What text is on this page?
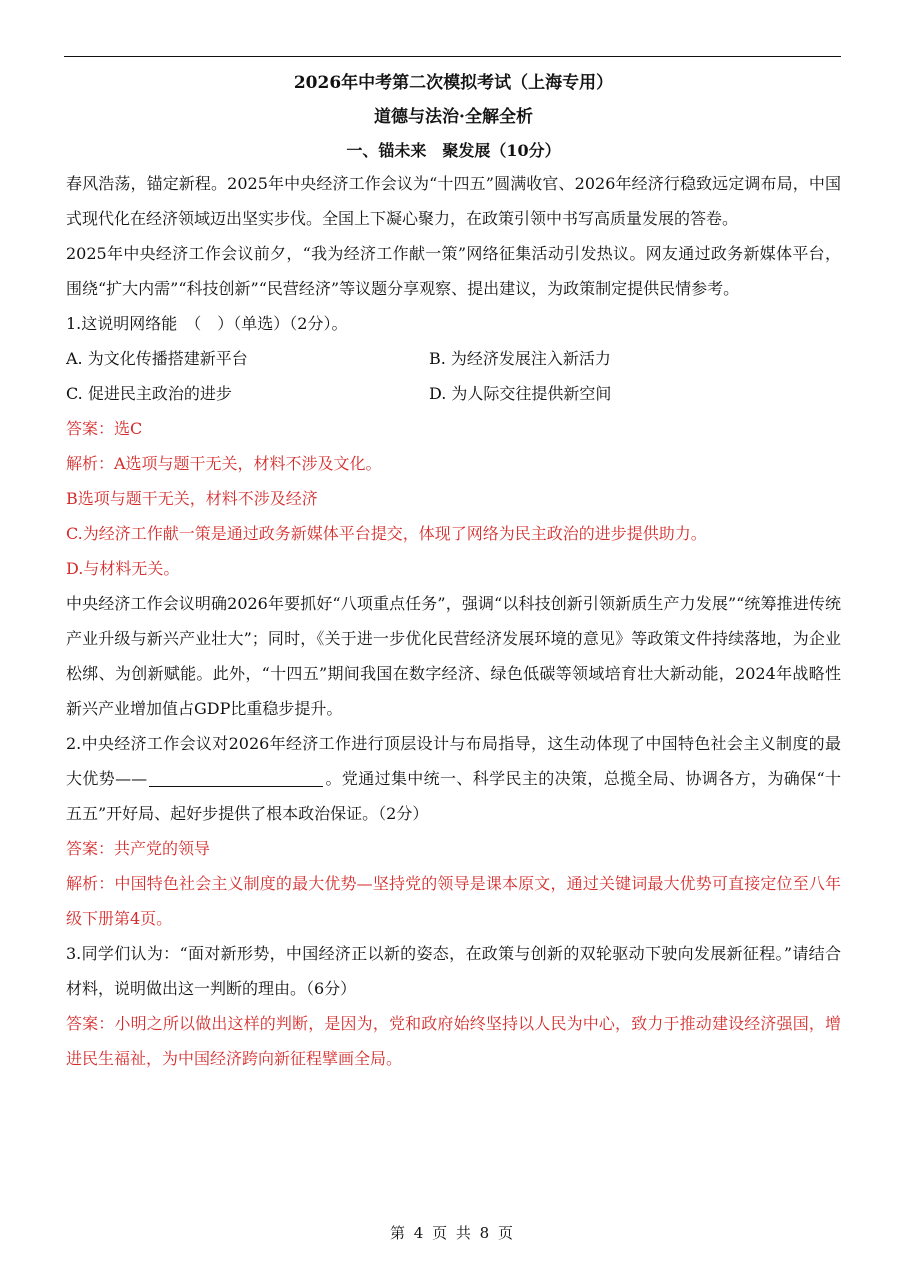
2026年中考第二次模拟考试（上海专用）
道德与法治·全解全析
一、锚未来　聚发展（10分）

春风浩荡，锚定新程。2025年中央经济工作会议为“十四五”圆满收官、2026年经济行稳致远定调布局，中国式现代化在经济领域迈出坚实步伐。全国上下凝心聚力，在政策引领中书写高质量发展的答卷。

2025年中央经济工作会议前夕，“我为经济工作献一策”网络征集活动引发热议。网友通过政务新媒体平台，围绕“扩大内需”“科技创新”“民营经济”等议题分享观察、提出建议，为政策制定提供民情参考。

1.这说明网络能　（　）（单选）（2分）。

A. 为文化传播搭建新平台	B. 为经济发展注入新活力
C. 促进民主政治的进步	D. 为人际交往提供新空间

答案：选C

解析：A选项与题干无关，材料不涉及文化。

B选项与题干无关，材料不涉及经济

C.为经济工作献一策是通过政务新媒体平台提交，体现了网络为民主政治的进步提供助力。

D.与材料无关。

中央经济工作会议明确2026年要抓好“八项重点任务”，强调“以科技创新引领新质生产力发展”“统筹推进传统产业升级与新兴产业壮大”；同时，《关于进一步优化民营经济发展环境的意见》等政策文件持续落地，为企业松绑、为创新赋能。此外，“十四五”期间我国在数字经济、绿色低碳等领域培育壮大新动能，2024年战略性新兴产业增加值占GDP比重稳步提升。

2.中央经济工作会议对2026年经济工作进行顶层设计与布局指导，这生动体现了中国特色社会主义制度的最大优势——	。党通过集中统一、科学民主的决策，总揽全局、协调各方，为确保“十五五”开好局、起好步提供了根本政治保证。（2分）

答案：共产党的领导

解析：中国特色社会主义制度的最大优势—坚持党的领导是课本原文，通过关键词最大优势可直接定位至八年级下册第4页。

3.同学们认为：“面对新形势，中国经济正以新的姿态，在政策与创新的双轮驱动下驶向发展新征程。”请结合材料，说明做出这一判断的理由。（6分）

答案：小明之所以做出这样的判断，是因为，党和政府始终坚持以人民为中心，致力于推动建设经济强国，增进民生福祉，为中国经济跨向新征程擘画全局。

第 4 页 共 8 页
